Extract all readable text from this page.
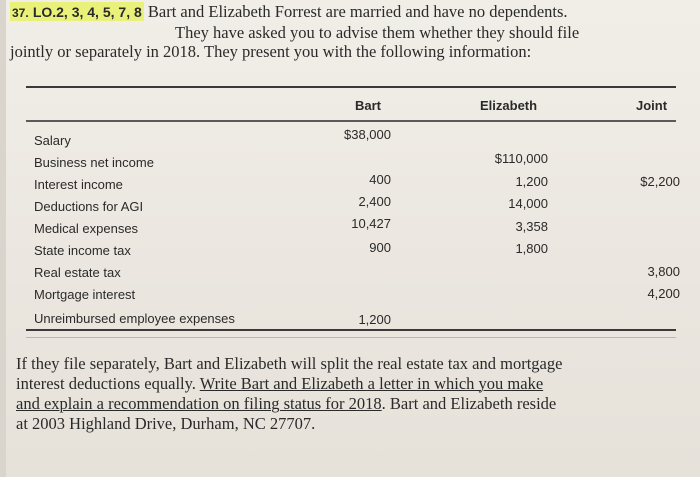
37. LO.2, 3, 4, 5, 7, 8 Bart and Elizabeth Forrest are married and have no dependents.
They have asked you to advise them whether they should file
jointly or separately in 2018. They present you with the following information:
Bart	Elizabeth	Joint
Salary
Business net income
Interest income
Deductions for AGI
Medical expenses
State income tax
Real estate tax
Mortgage interest
Unreimbursed employee expenses
$38,000
400
2,400
10,427
900
1,200
$110,000
1,200
14,000
3,358
1,800
$2,200
3,800
4,200
If they file separately, Bart and Elizabeth will split the real estate tax and mortgage
interest deductions equally. Write Bart and Elizabeth a letter in which you make
and explain a recommendation on filing status for 2018. Bart and Elizabeth reside
at 2003 Highland Drive, Durham, NC 27707.
